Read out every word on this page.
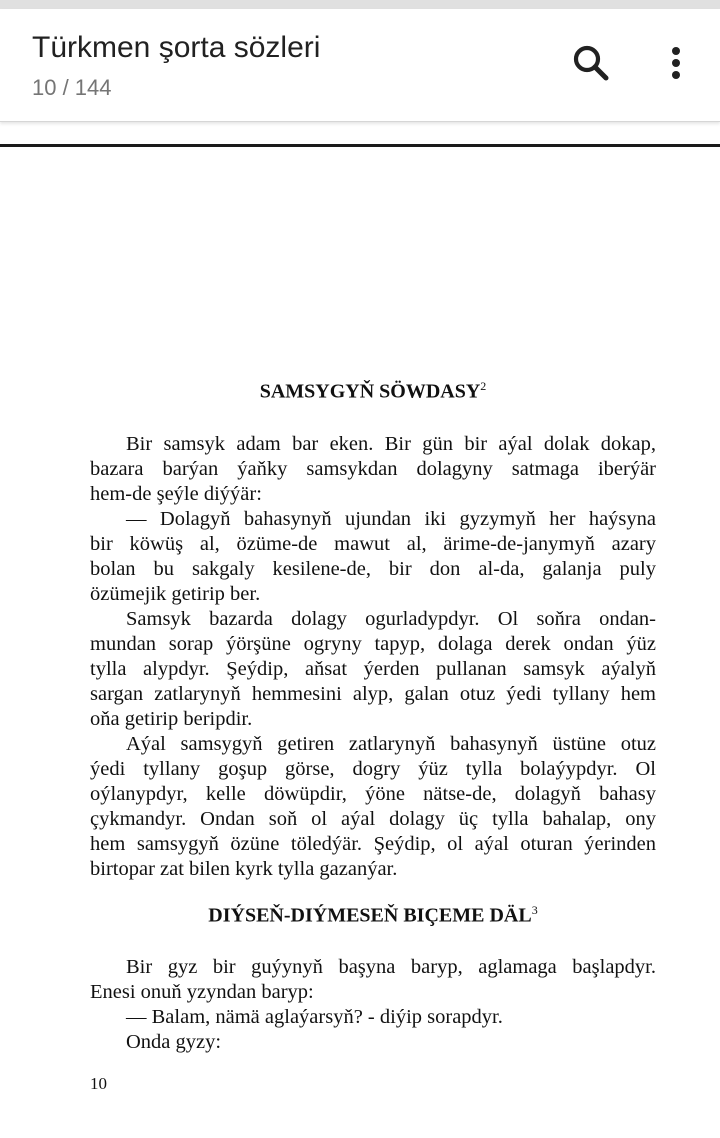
Türkmen şorta sözleri
10 / 144
SAMSYGYŇ SÖWDASY$^2$
Bir samsyk adam bar eken. Bir gün bir aýal dolak dokap,
bazara barýan ýaňky samsykdan dolagyny satmaga iberýär
hem-de şeýle diýýär:
— Dolagyň bahasynyň ujundan iki gyzymyň her haýsyna
bir köwüş al, özüme-de mawut al, ärime-de-janymyň azary
bolan bu sakgaly kesilene-de, bir don al-da, galanja puly
özümejik getirip ber.
Samsyk bazarda dolagy ogurladypdyr. Ol soňra ondan-
mundan sorap ýörşüne ogryny tapyp, dolaga derek ondan ýüz
tylla alypdyr. Şeýdip, aňsat ýerden pullanan samsyk aýalyň
sargan zatlarynyň hemmesini alyp, galan otuz ýedi tyllany hem
oňa getirip beripdir.
Aýal samsygyň getiren zatlarynyň bahasynyň üstüne otuz
ýedi tyllany goşup görse, dogry ýüz tylla bolaýypdyr. Ol
oýlanypdyr, kelle döwüpdir, ýöne nätse-de, dolagyň bahasy
çykmandyr. Ondan soň ol aýal dolagy üç tylla bahalap, ony
hem samsygyň özüne töledýär. Şeýdip, ol aýal oturan ýerinden
birtopar zat bilen kyrk tylla gazanýar.
DIÝSEŇ-DIÝMESEŇ BIÇEME DÄL$^3$
Bir gyz bir guýynyň başyna baryp, aglamaga başlapdyr.
Enesi onuň yzyndan baryp:
— Balam, nämä aglaýarsyň? - diýip sorapdyr.
Onda gyzy:
10
